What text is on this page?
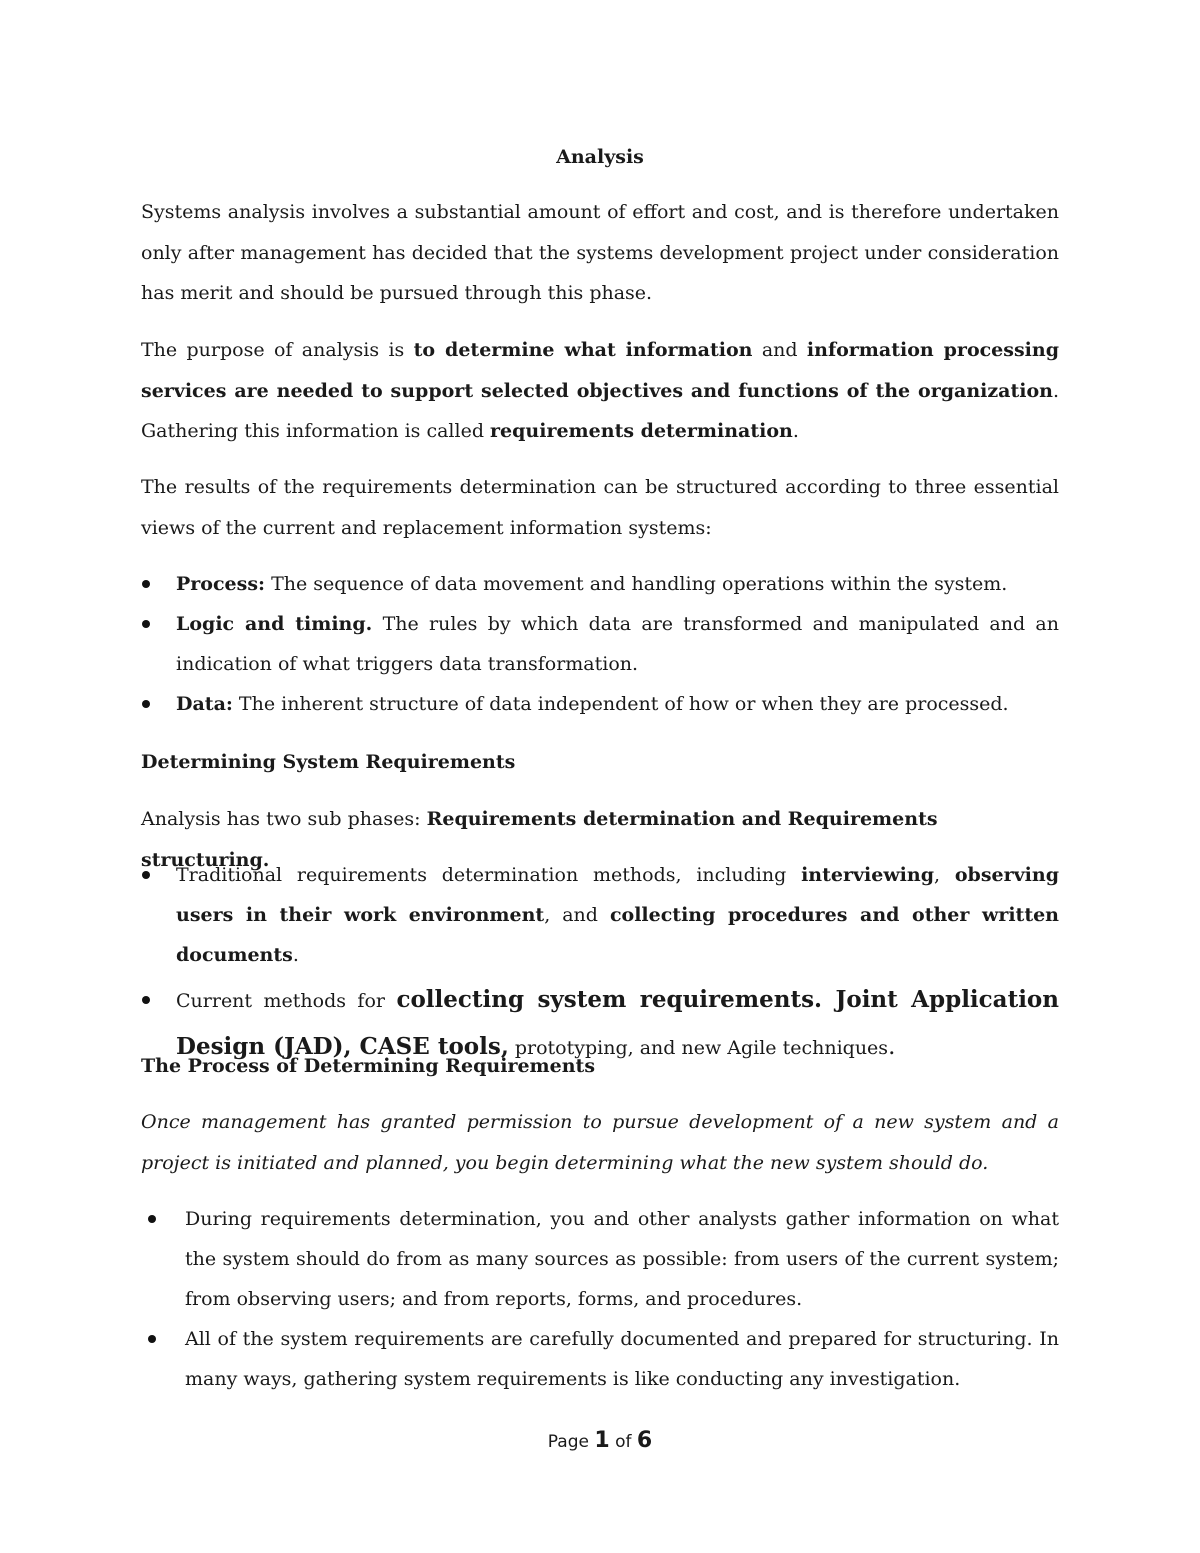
Analysis

Systems analysis involves a substantial amount of effort and cost, and is therefore undertaken only after management has decided that the systems development project under consideration has merit and should be pursued through this phase.

The purpose of analysis is to determine what information and information processing services are needed to support selected objectives and functions of the organization. Gathering this information is called requirements determination.

The results of the requirements determination can be structured according to three essential views of the current and replacement information systems:

Process: The sequence of data movement and handling operations within the system.
Logic and timing. The rules by which data are transformed and manipulated and an indication of what triggers data transformation.
Data: The inherent structure of data independent of how or when they are processed.

Determining System Requirements

Analysis has two sub phases: Requirements determination and Requirements structuring.

Traditional requirements determination methods, including interviewing, observing users in their work environment, and collecting procedures and other written documents.
Current methods for collecting system requirements. Joint Application Design (JAD), CASE tools, prototyping, and new Agile techniques.

The Process of Determining Requirements

Once management has granted permission to pursue development of a new system and a project is initiated and planned, you begin determining what the new system should do.

During requirements determination, you and other analysts gather information on what the system should do from as many sources as possible: from users of the current system; from observing users; and from reports, forms, and procedures.
All of the system requirements are carefully documented and prepared for structuring. In many ways, gathering system requirements is like conducting any investigation.
Page 1 of 6
